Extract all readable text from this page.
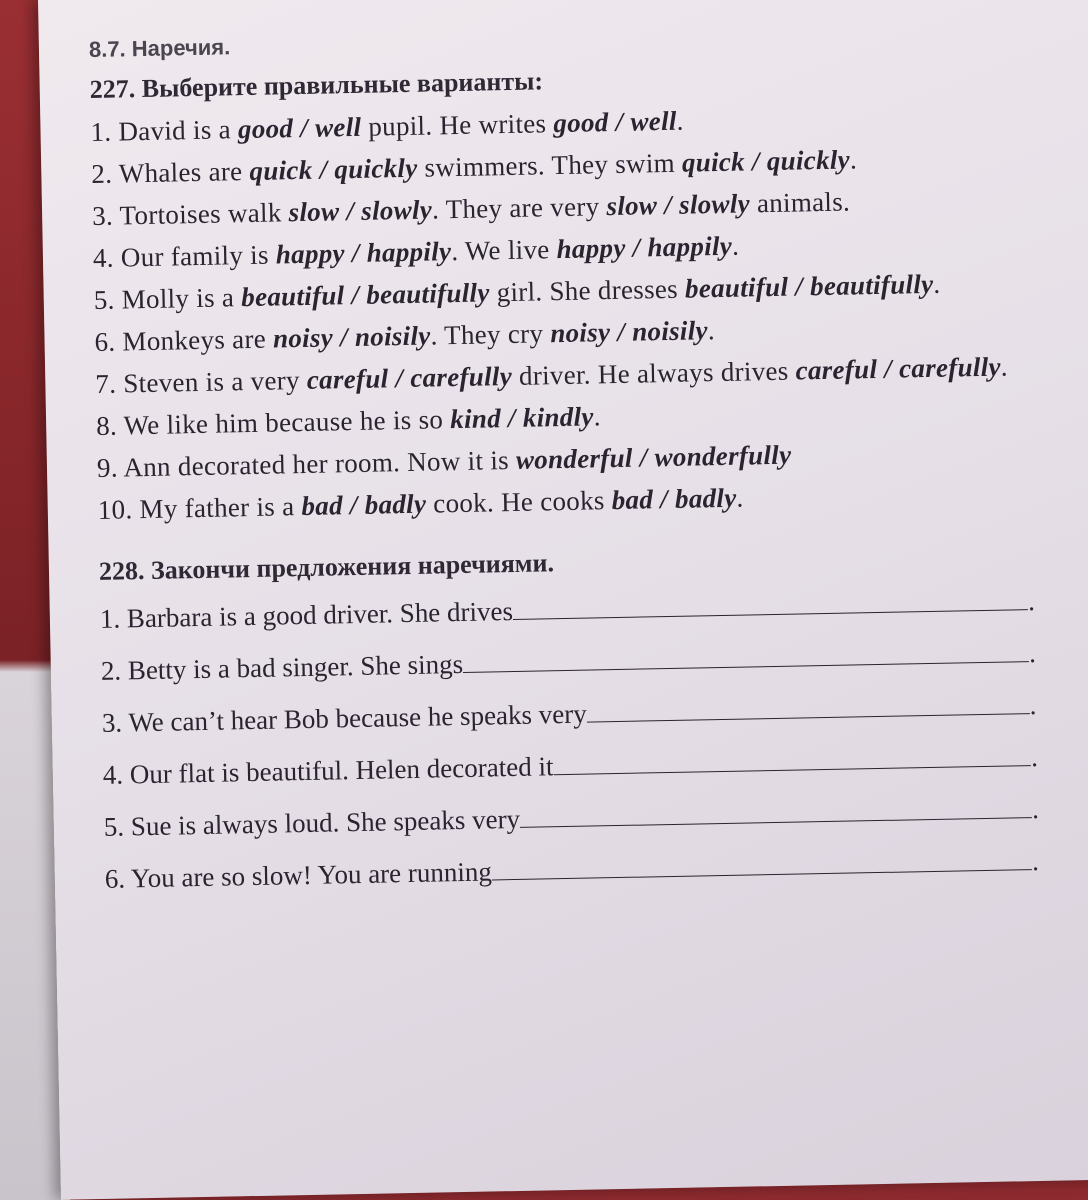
8.7. Наречия.
227. Выберите правильные варианты:
1. David is a good / well pupil. He writes good / well.
2. Whales are quick / quickly swimmers. They swim quick / quickly.
3. Tortoises walk slow / slowly. They are very slow / slowly animals.
4. Our family is happy / happily. We live happy / happily.
5. Molly is a beautiful / beautifully girl. She dresses beautiful / beautifully.
6. Monkeys are noisy / noisily. They cry noisy / noisily.
7. Steven is a very careful / carefully driver. He always drives careful / carefully.
8. We like him because he is so kind / kindly.
9. Ann decorated her room. Now it is wonderful / wonderfully
10. My father is a bad / badly cook. He cooks bad / badly.
228. Закончи предложения наречиями.
1. Barbara is a good driver. She drives	.
2. Betty is a bad singer. She sings	.
3. We can’t hear Bob because he speaks very	.
4. Our flat is beautiful. Helen decorated it	.
5. Sue is always loud. She speaks very	.
6. You are so slow! You are running	.
